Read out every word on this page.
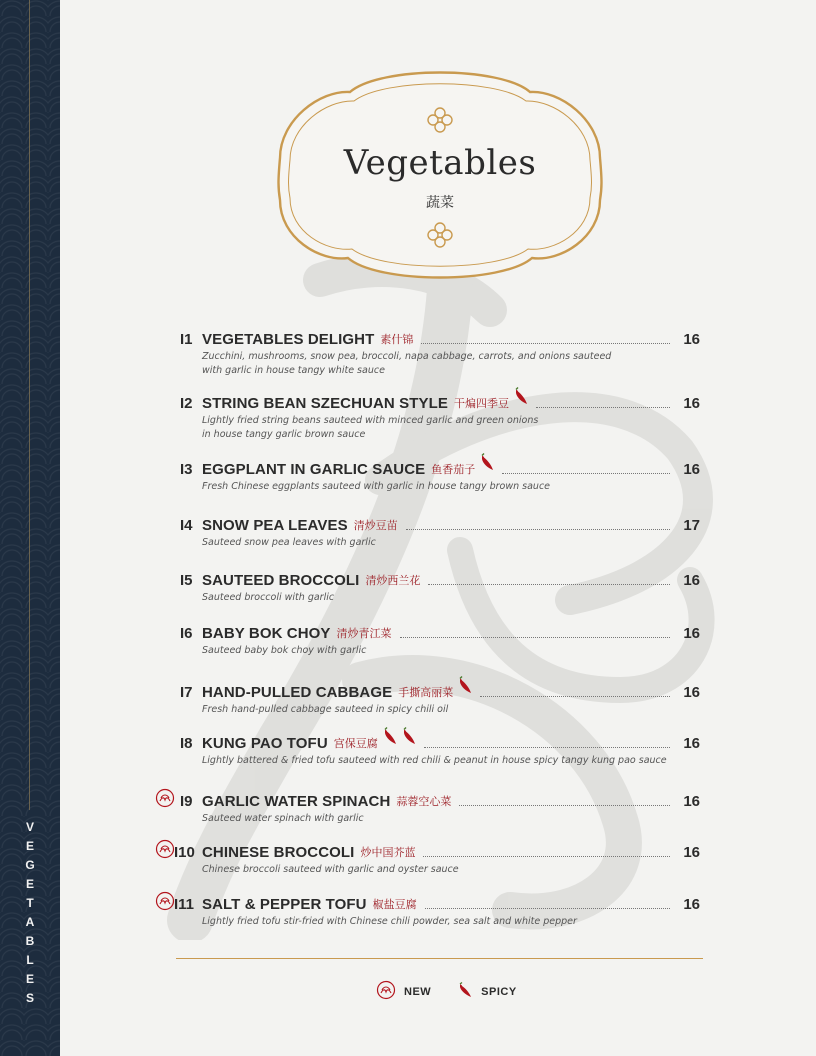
VEGETABLES
Vegetables
蔬菜
I1 VEGETABLES DELIGHT 素什锦	16
Zucchini, mushrooms, snow pea, broccoli, napa cabbage, carrots, and onions sauteed
with garlic in house tangy white sauce
I2 STRING BEAN SZECHUAN STYLE 干煸四季豆	16
Lightly fried string beans sauteed with minced garlic and green onions
in house tangy garlic brown sauce
I3 EGGPLANT IN GARLIC SAUCE 鱼香茄子	16
Fresh Chinese eggplants sauteed with garlic in house tangy brown sauce
I4 SNOW PEA LEAVES 清炒豆苗	17
Sauteed snow pea leaves with garlic
I5 SAUTEED BROCCOLI 清炒西兰花	16
Sauteed broccoli with garlic
I6 BABY BOK CHOY 清炒青江菜	16
Sauteed baby bok choy with garlic
I7 HAND-PULLED CABBAGE 手撕高丽菜	16
Fresh hand-pulled cabbage sauteed in spicy chili oil
I8 KUNG PAO TOFU 宫保豆腐	16
Lightly battered & fried tofu sauteed with red chili & peanut in house spicy tangy kung pao sauce
I9 GARLIC WATER SPINACH 蒜蓉空心菜	16
Sauteed water spinach with garlic
I10 CHINESE BROCCOLI 炒中国芥蓝	16
Chinese broccoli sauteed with garlic and oyster sauce
I11 SALT & PEPPER TOFU 椒盐豆腐	16
Lightly fried tofu stir-fried with Chinese chili powder, sea salt and white pepper
NEW	SPICY
